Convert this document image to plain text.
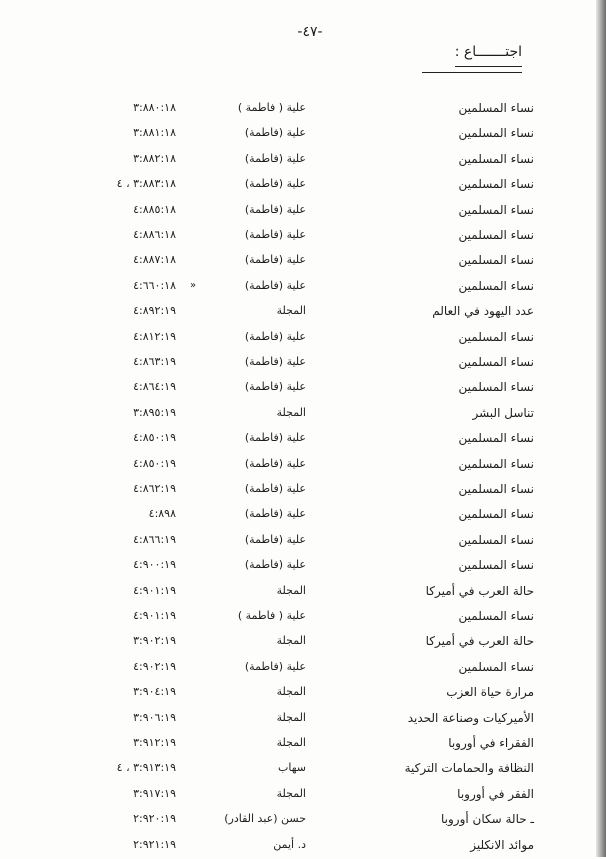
-٤٧-
اجتـــــــاع :
نساء المسلمين
علية ( فاطمة )
٣:٨٨٠:١٨
نساء المسلمين
علية (فاطمة)
٣:٨٨١:١٨
نساء المسلمين
علية (فاطمة)
٣:٨٨٢:١٨
نساء المسلمين
علية (فاطمة)
٣:٨٨٣:١٨ ، ٤
نساء المسلمين
علية (فاطمة)
٤:٨٨٥:١٨
نساء المسلمين
علية (فاطمة)
٤:٨٨٦:١٨
نساء المسلمين
علية (فاطمة)
٤:٨٨٧:١٨
نساء المسلمين
علية (فاطمة)
٤:٦٦٠:١٨ »
عدد اليهود في العالم
المجلة
٤:٨٩٢:١٩
نساء المسلمين
علية (فاطمة)
٤:٨١٢:١٩
نساء المسلمين
علية (فاطمة)
٤:٨٦٣:١٩
نساء المسلمين
علية (فاطمة)
٤:٨٦٤:١٩
تناسل البشر
المجلة
٣:٨٩٥:١٩
نساء المسلمين
علية (فاطمة)
٤:٨٥٠:١٩
نساء المسلمين
علية (فاطمة)
٤:٨٥٠:١٩
نساء المسلمين
علية (فاطمة)
٤:٨٦٢:١٩
نساء المسلمين
علية (فاطمة)
٤:٨٩٨
نساء المسلمين
علية (فاطمة)
٤:٨٦٦:١٩
نساء المسلمين
علية (فاطمة)
٤:٩٠٠:١٩
حالة العرب في أميركا
المجلة
٤:٩٠١:١٩
نساء المسلمين
علية ( فاطمة )
٤:٩٠١:١٩
حالة العرب في أميركا
المجلة
٣:٩٠٢:١٩
نساء المسلمين
علية (فاطمة)
٤:٩٠٢:١٩
مرارة حياة العزب
المجلة
٣:٩٠٤:١٩
الأميركيات وصناعة الحديد
المجلة
٣:٩٠٦:١٩
الفقراء في أوروبا
المجلة
٣:٩١٢:١٩
النظافة والحمامات التركية
سهاب
٣:٩١٣:١٩ ، ٤
الفقر في أوروبا
المجلة
٣:٩١٧:١٩
ـ حالة سكان أوروبا
حسن (عبد القادر)
٢:٩٢٠:١٩
موائد الانكليز
د. أيمن
٢:٩٢١:١٩
